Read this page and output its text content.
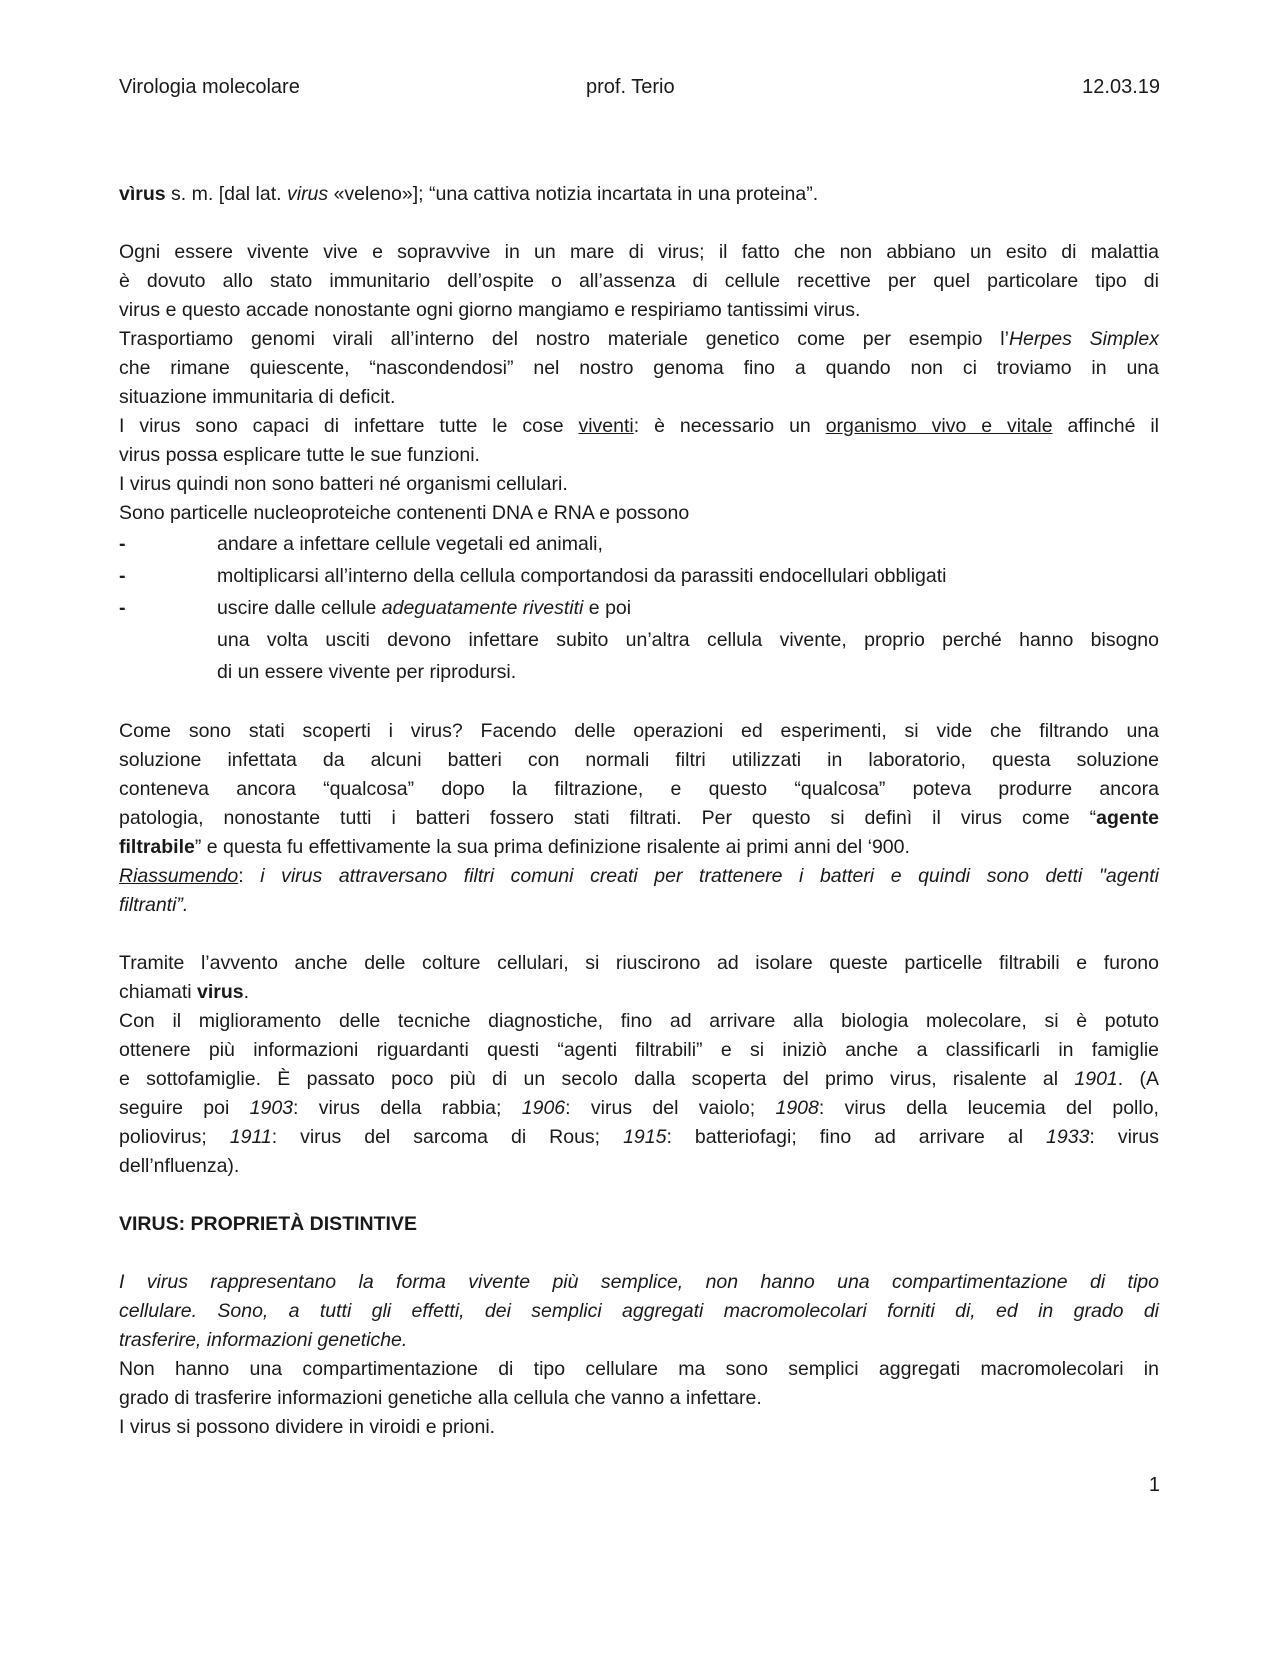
Virologia molecolare	prof. Terio	12.03.19
vìrus s. m. [dal lat. virus «veleno»]; “una cattiva notizia incartata in una proteina”.
Ogni essere vivente vive e sopravvive in un mare di virus; il fatto che non abbiano un esito di malattia
è dovuto allo stato immunitario dell’ospite o all’assenza di cellule recettive per quel particolare tipo di
virus e questo accade nonostante ogni giorno mangiamo e respiriamo tantissimi virus.
Trasportiamo genomi virali all’interno del nostro materiale genetico come per esempio l’Herpes Simplex
che rimane quiescente, “nascondendosi” nel nostro genoma fino a quando non ci troviamo in una
situazione immunitaria di deficit.
I virus sono capaci di infettare tutte le cose viventi: è necessario un organismo vivo e vitale affinché il
virus possa esplicare tutte le sue funzioni.
I virus quindi non sono batteri né organismi cellulari.
Sono particelle nucleoproteiche contenenti DNA e RNA e possono
-	andare a infettare cellule vegetali ed animali,
-	moltiplicarsi all’interno della cellula comportandosi da parassiti endocellulari obbligati
-	uscire dalle cellule adeguatamente rivestiti e poi
una volta usciti devono infettare subito un’altra cellula vivente, proprio perché hanno bisogno
di un essere vivente per riprodursi.
Come sono stati scoperti i virus? Facendo delle operazioni ed esperimenti, si vide che filtrando una
soluzione infettata da alcuni batteri con normali filtri utilizzati in laboratorio, questa soluzione
conteneva ancora “qualcosa” dopo la filtrazione, e questo “qualcosa” poteva produrre ancora
patologia, nonostante tutti i batteri fossero stati filtrati. Per questo si definì il virus come “agente
filtrabile” e questa fu effettivamente la sua prima definizione risalente ai primi anni del ‘900.
Riassumendo: i virus attraversano filtri comuni creati per trattenere i batteri e quindi sono detti "agenti
filtranti”.
Tramite l’avvento anche delle colture cellulari, si riuscirono ad isolare queste particelle filtrabili e furono
chiamati virus.
Con il miglioramento delle tecniche diagnostiche, fino ad arrivare alla biologia molecolare, si è potuto
ottenere più informazioni riguardanti questi “agenti filtrabili” e si iniziò anche a classificarli in famiglie
e sottofamiglie. È passato poco più di un secolo dalla scoperta del primo virus, risalente al 1901. (A
seguire poi 1903: virus della rabbia; 1906: virus del vaiolo; 1908: virus della leucemia del pollo,
poliovirus; 1911: virus del sarcoma di Rous; 1915: batteriofagi; fino ad arrivare al 1933: virus
dell’nfluenza).
VIRUS: PROPRIETÀ DISTINTIVE
I virus rappresentano la forma vivente più semplice, non hanno una compartimentazione di tipo
cellulare. Sono, a tutti gli effetti, dei semplici aggregati macromolecolari forniti di, ed in grado di
trasferire, informazioni genetiche.
Non hanno una compartimentazione di tipo cellulare ma sono semplici aggregati macromolecolari in
grado di trasferire informazioni genetiche alla cellula che vanno a infettare.
I virus si possono dividere in viroidi e prioni.
1
